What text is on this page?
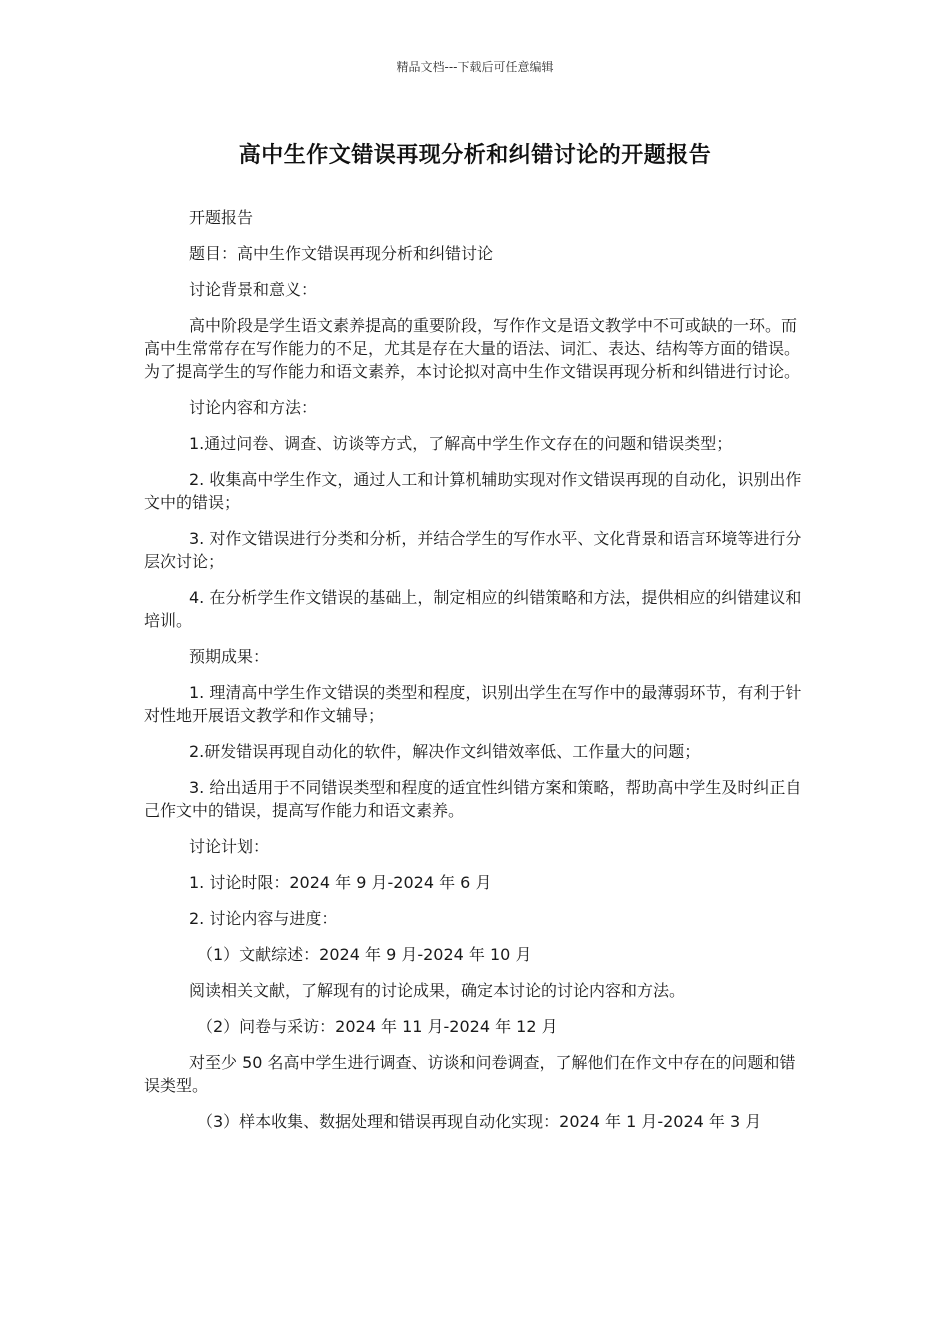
精品文档---下载后可任意编辑
高中生作文错误再现分析和纠错讨论的开题报告

开题报告

题目：高中生作文错误再现分析和纠错讨论

讨论背景和意义：

高中阶段是学生语文素养提高的重要阶段，写作作文是语文教学中不可或缺的一环。而高中生常常存在写作能力的不足，尤其是存在大量的语法、词汇、表达、结构等方面的错误。为了提高学生的写作能力和语文素养，本讨论拟对高中生作文错误再现分析和纠错进行讨论。

讨论内容和方法：

1.通过问卷、调查、访谈等方式，了解高中学生作文存在的问题和错误类型；

2. 收集高中学生作文，通过人工和计算机辅助实现对作文错误再现的自动化，识别出作文中的错误；

3. 对作文错误进行分类和分析，并结合学生的写作水平、文化背景和语言环境等进行分层次讨论；

4. 在分析学生作文错误的基础上，制定相应的纠错策略和方法，提供相应的纠错建议和培训。

预期成果：

1. 理清高中学生作文错误的类型和程度，识别出学生在写作中的最薄弱环节，有利于针对性地开展语文教学和作文辅导；

2.研发错误再现自动化的软件，解决作文纠错效率低、工作量大的问题；

3. 给出适用于不同错误类型和程度的适宜性纠错方案和策略，帮助高中学生及时纠正自己作文中的错误，提高写作能力和语文素养。

讨论计划：

1. 讨论时限：2024 年 9 月-2024 年 6 月

2. 讨论内容与进度：

（1）文献综述：2024 年 9 月-2024 年 10 月

阅读相关文献，了解现有的讨论成果，确定本讨论的讨论内容和方法。

（2）问卷与采访：2024 年 11 月-2024 年 12 月

对至少 50 名高中学生进行调查、访谈和问卷调查，了解他们在作文中存在的问题和错误类型。

（3）样本收集、数据处理和错误再现自动化实现：2024 年 1 月-2024 年 3 月
